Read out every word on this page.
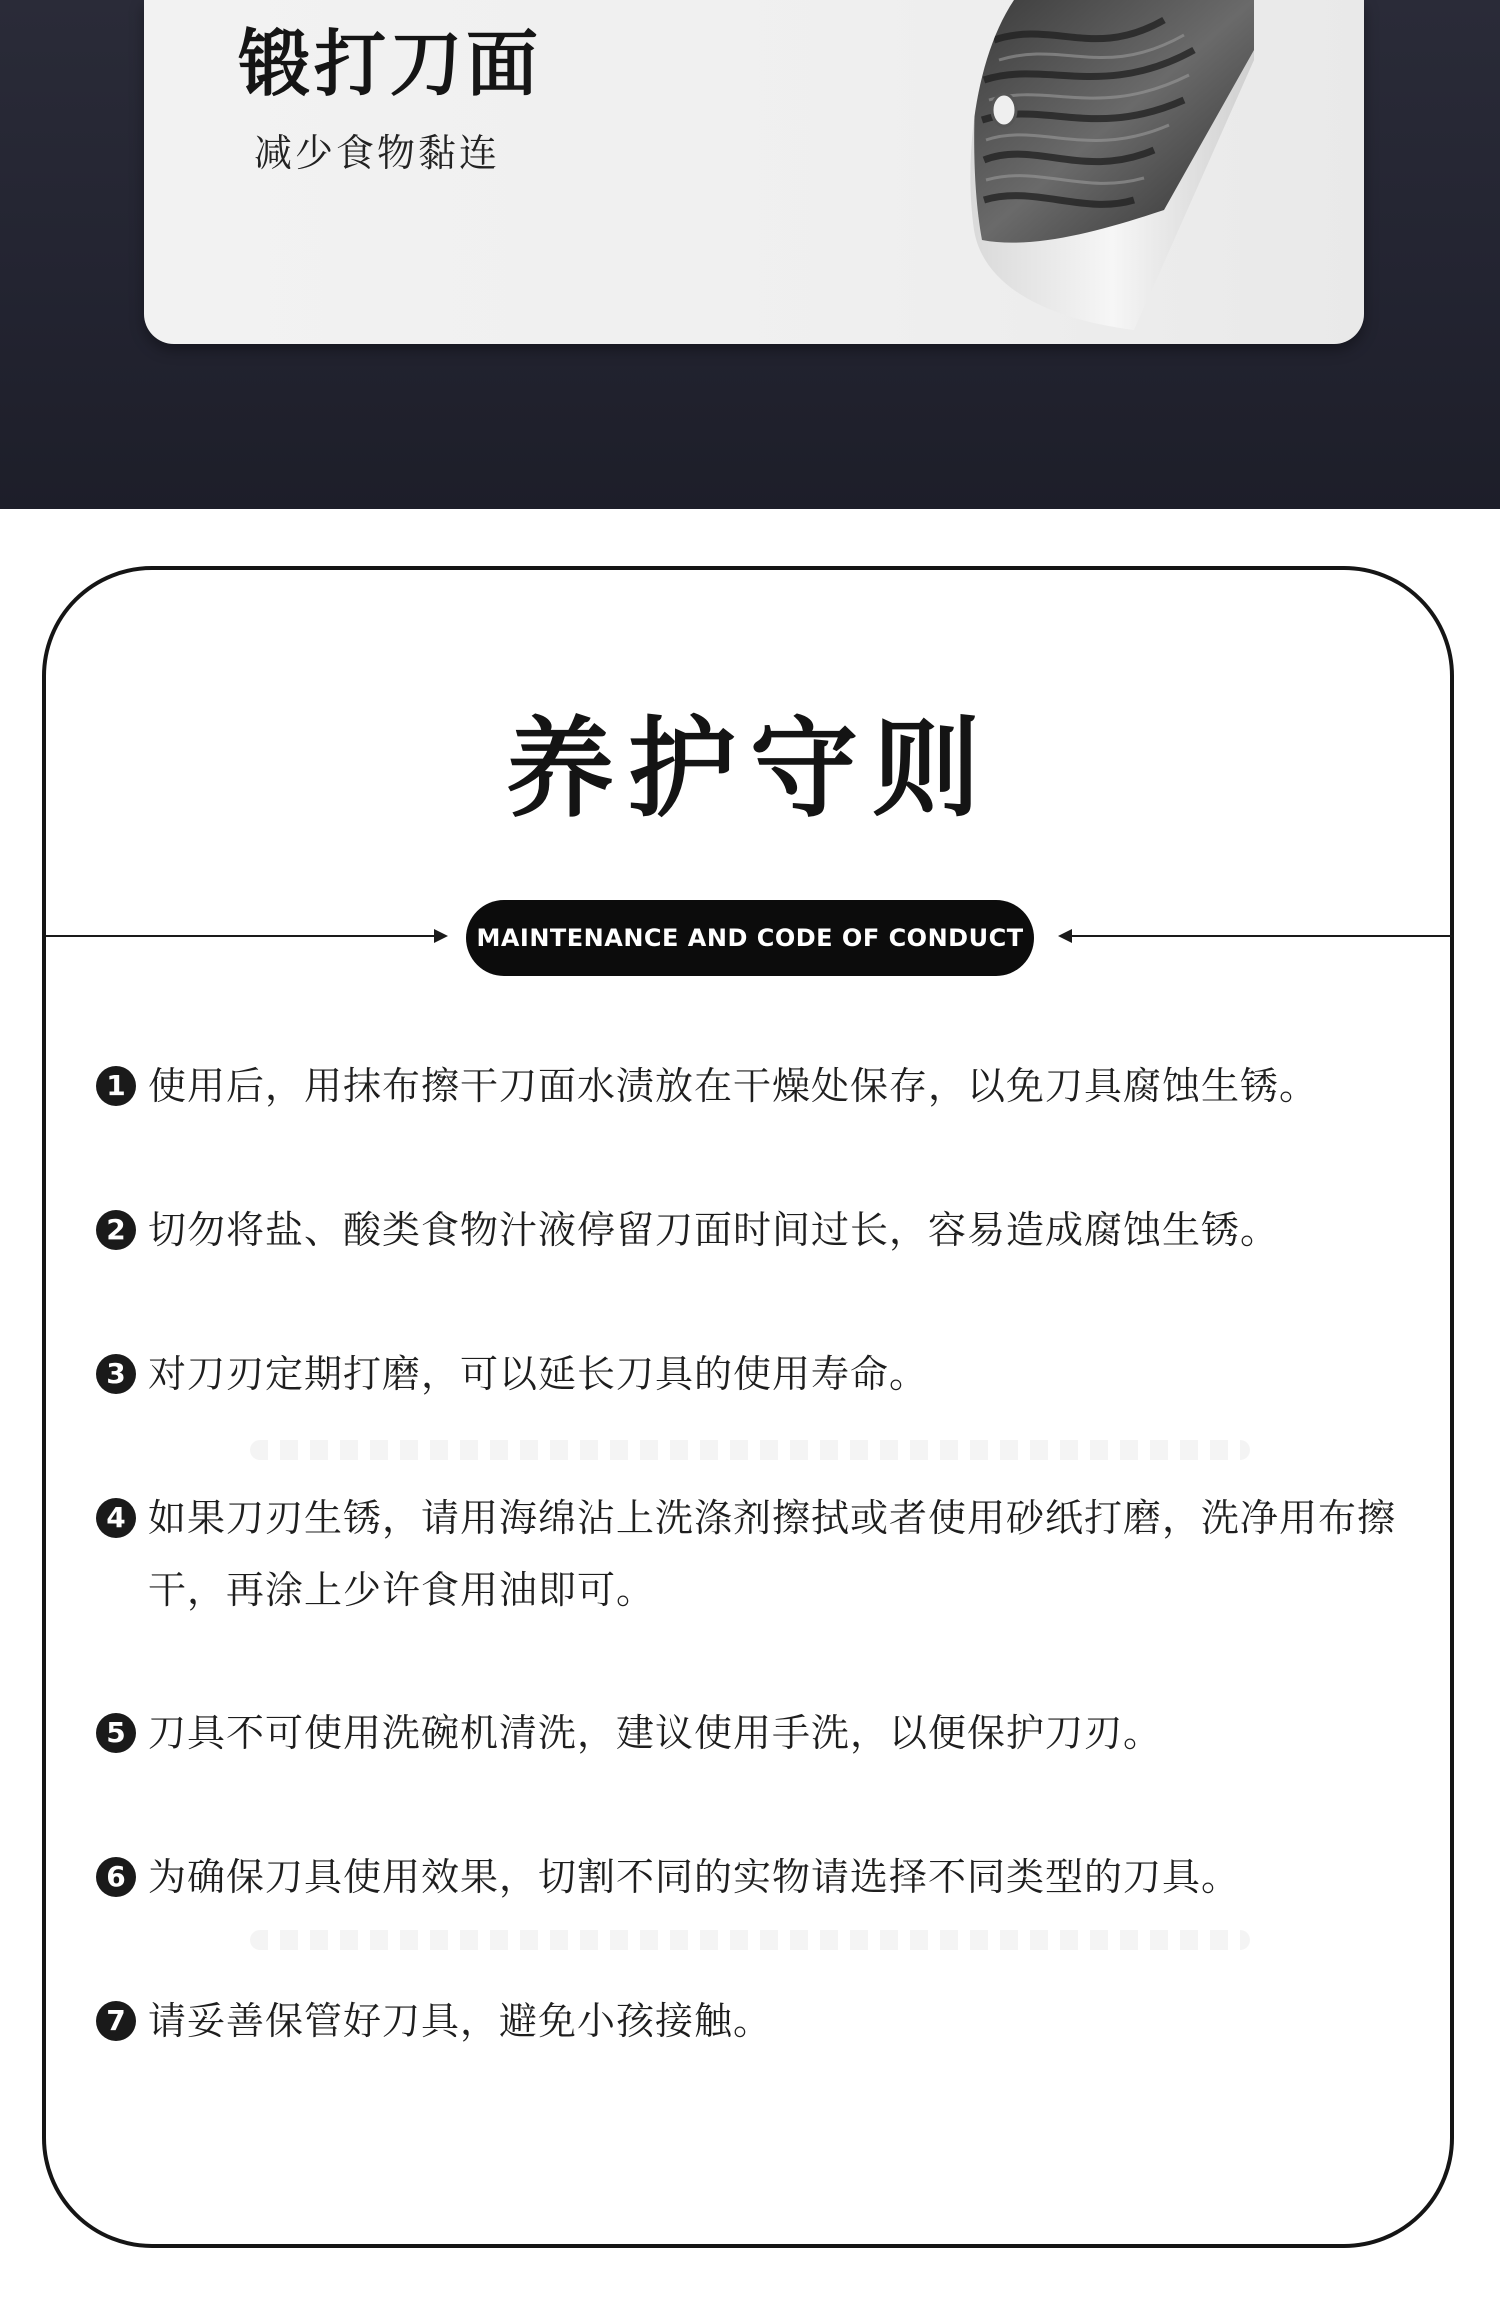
锻打刀面
减少食物黏连
养护守则
MAINTENANCE AND CODE OF CONDUCT
1 使用后，用抹布擦干刀面水渍放在干燥处保存，以免刀具腐蚀生锈。
2 切勿将盐、酸类食物汁液停留刀面时间过长，容易造成腐蚀生锈。
3 对刀刃定期打磨，可以延长刀具的使用寿命。
4 如果刀刃生锈，请用海绵沾上洗涤剂擦拭或者使用砂纸打磨，洗净用布擦干，再涂上少许食用油即可。
5 刀具不可使用洗碗机清洗，建议使用手洗，以便保护刀刃。
6 为确保刀具使用效果，切割不同的实物请选择不同类型的刀具。
7 请妥善保管好刀具，避免小孩接触。
